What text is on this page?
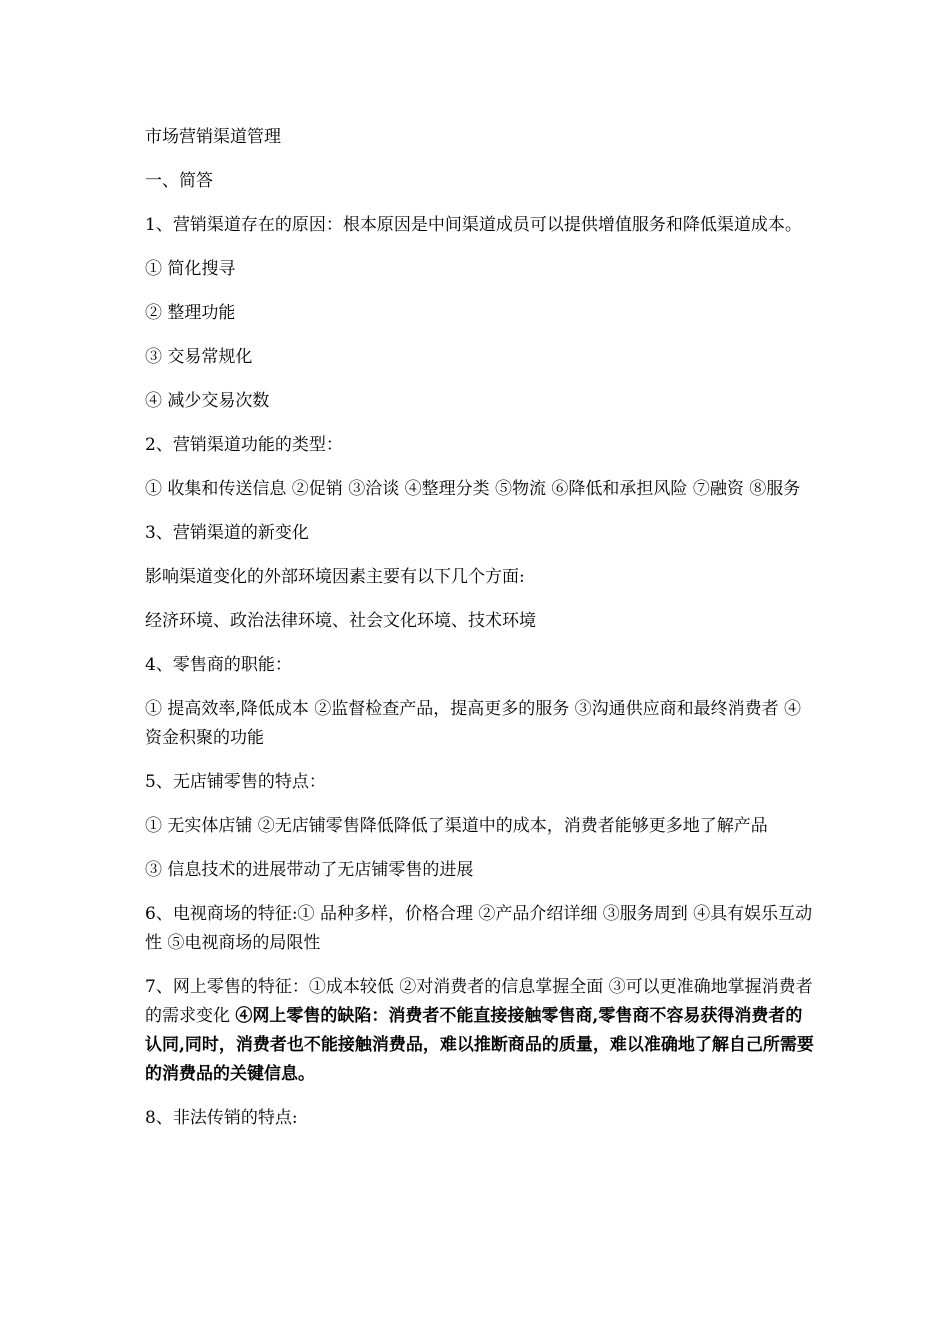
市场营销渠道管理

一、简答

1、营销渠道存在的原因：根本原因是中间渠道成员可以提供增值服务和降低渠道成本。

① 简化搜寻

② 整理功能

③ 交易常规化

④ 减少交易次数

2、营销渠道功能的类型：

① 收集和传送信息 ②促销 ③洽谈 ④整理分类 ⑤物流 ⑥降低和承担风险 ⑦融资 ⑧服务

3、营销渠道的新变化

影响渠道变化的外部环境因素主要有以下几个方面:

经济环境、政治法律环境、社会文化环境、技术环境

4、零售商的职能：

① 提高效率,降低成本 ②监督检查产品，提高更多的服务 ③沟通供应商和最终消费者 ④资金积聚的功能

5、无店铺零售的特点：

① 无实体店铺 ②无店铺零售降低降低了渠道中的成本，消费者能够更多地了解产品

③ 信息技术的进展带动了无店铺零售的进展

6、电视商场的特征:① 品种多样，价格合理 ②产品介绍详细 ③服务周到 ④具有娱乐互动性 ⑤电视商场的局限性

7、网上零售的特征：①成本较低 ②对消费者的信息掌握全面 ③可以更准确地掌握消费者的需求变化 ④网上零售的缺陷：消费者不能直接接触零售商,零售商不容易获得消费者的认同,同时，消费者也不能接触消费品，难以推断商品的质量，难以准确地了解自己所需要的消费品的关键信息。

8、非法传销的特点:
